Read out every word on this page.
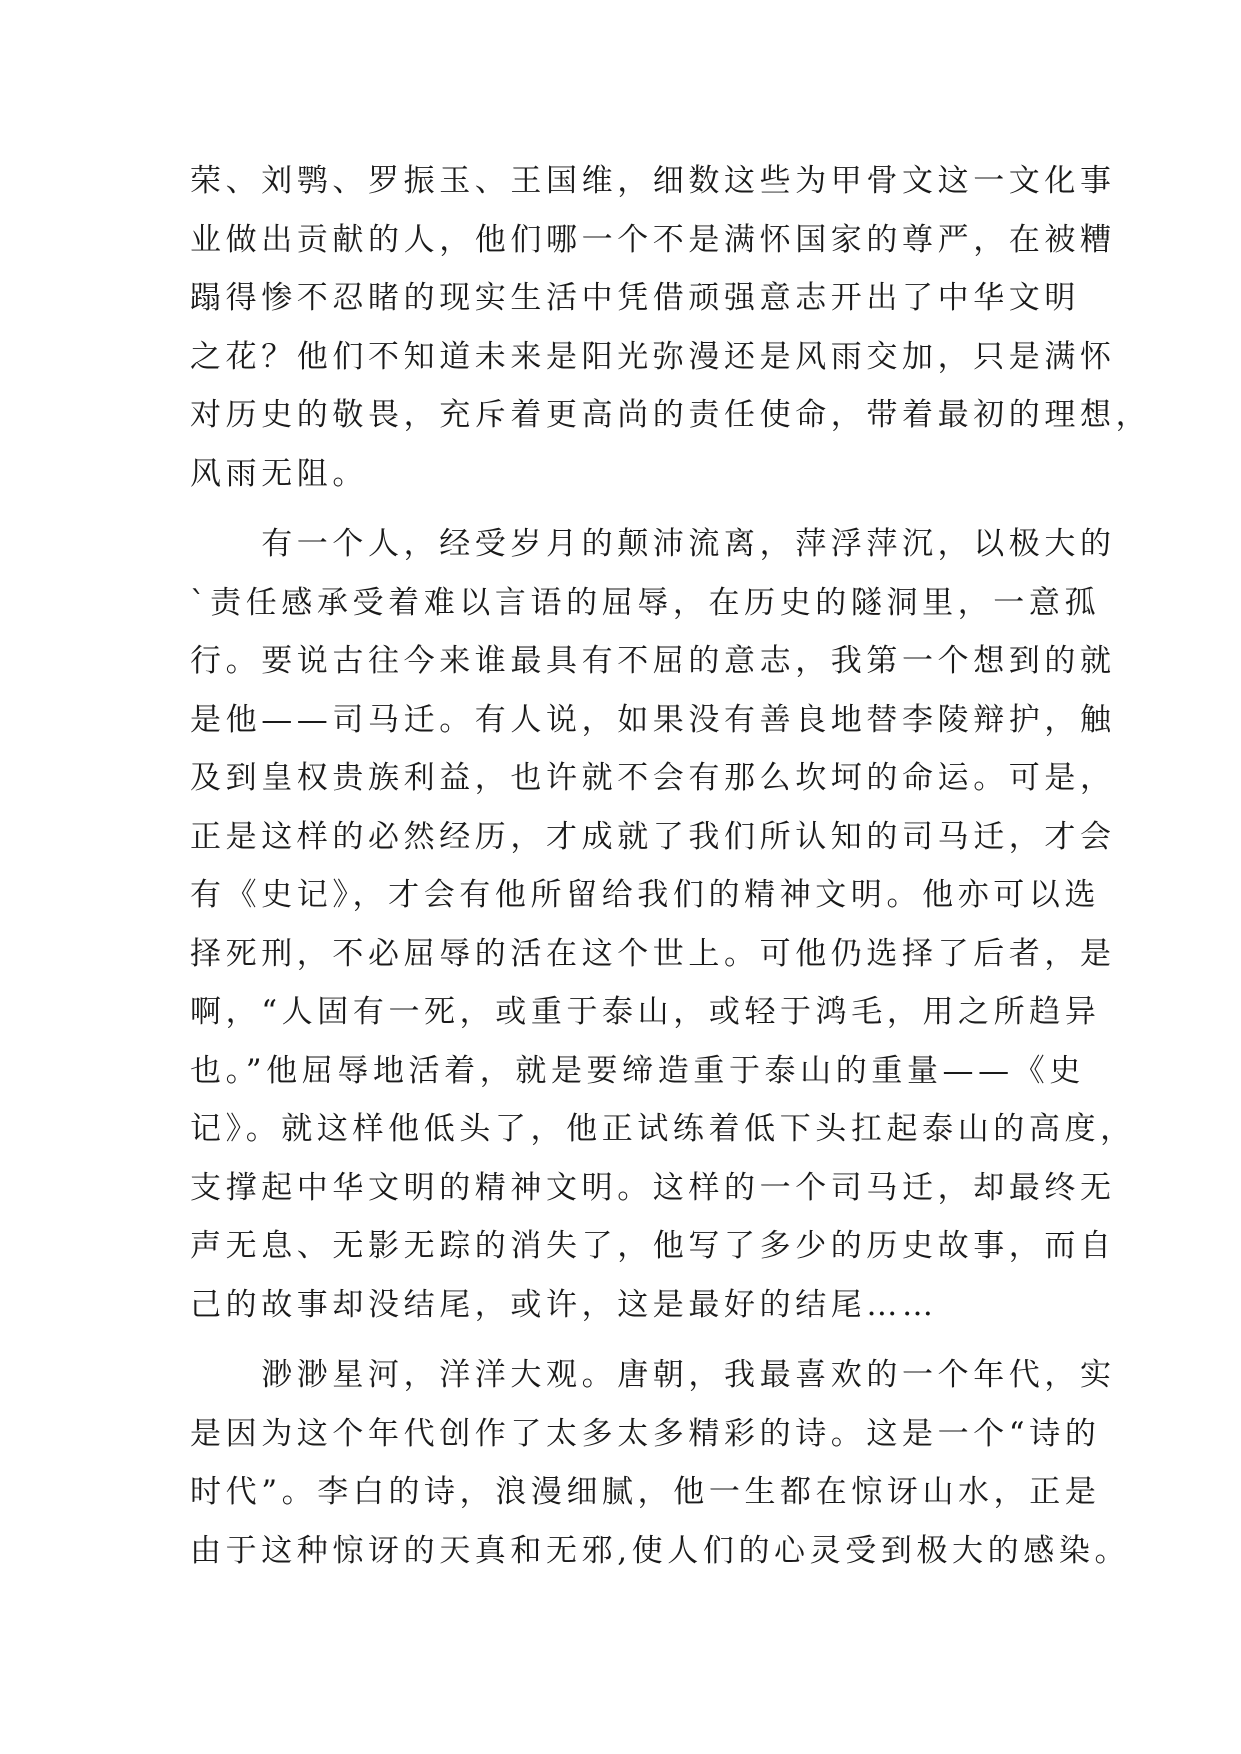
荣、刘鹗、罗振玉、王国维，细数这些为甲骨文这一文化事
业做出贡献的人，他们哪一个不是满怀国家的尊严，在被糟
蹋得惨不忍睹的现实生活中凭借顽强意志开出了中华文明
之花？他们不知道未来是阳光弥漫还是风雨交加，只是满怀
对历史的敬畏，充斥着更高尚的责任使命，带着最初的理想，
风雨无阻。
　　有一个人，经受岁月的颠沛流离，萍浮萍沉，以极大的
`责任感承受着难以言语的屈辱，在历史的隧洞里，一意孤
行。要说古往今来谁最具有不屈的意志，我第一个想到的就
是他——司马迁。有人说，如果没有善良地替李陵辩护，触
及到皇权贵族利益，也许就不会有那么坎坷的命运。可是，
正是这样的必然经历，才成就了我们所认知的司马迁，才会
有《史记》，才会有他所留给我们的精神文明。他亦可以选
择死刑，不必屈辱的活在这个世上。可他仍选择了后者，是
啊，“人固有一死，或重于泰山，或轻于鸿毛，用之所趋异
也。”他屈辱地活着，就是要缔造重于泰山的重量——《史
记》。就这样他低头了，他正试练着低下头扛起泰山的高度，
支撑起中华文明的精神文明。这样的一个司马迁，却最终无
声无息、无影无踪的消失了，他写了多少的历史故事，而自
己的故事却没结尾，或许，这是最好的结尾……
　　渺渺星河，洋洋大观。唐朝，我最喜欢的一个年代，实
是因为这个年代创作了太多太多精彩的诗。这是一个“诗的
时代”。李白的诗，浪漫细腻，他一生都在惊讶山水，正是
由于这种惊讶的天真和无邪,使人们的心灵受到极大的感染。
